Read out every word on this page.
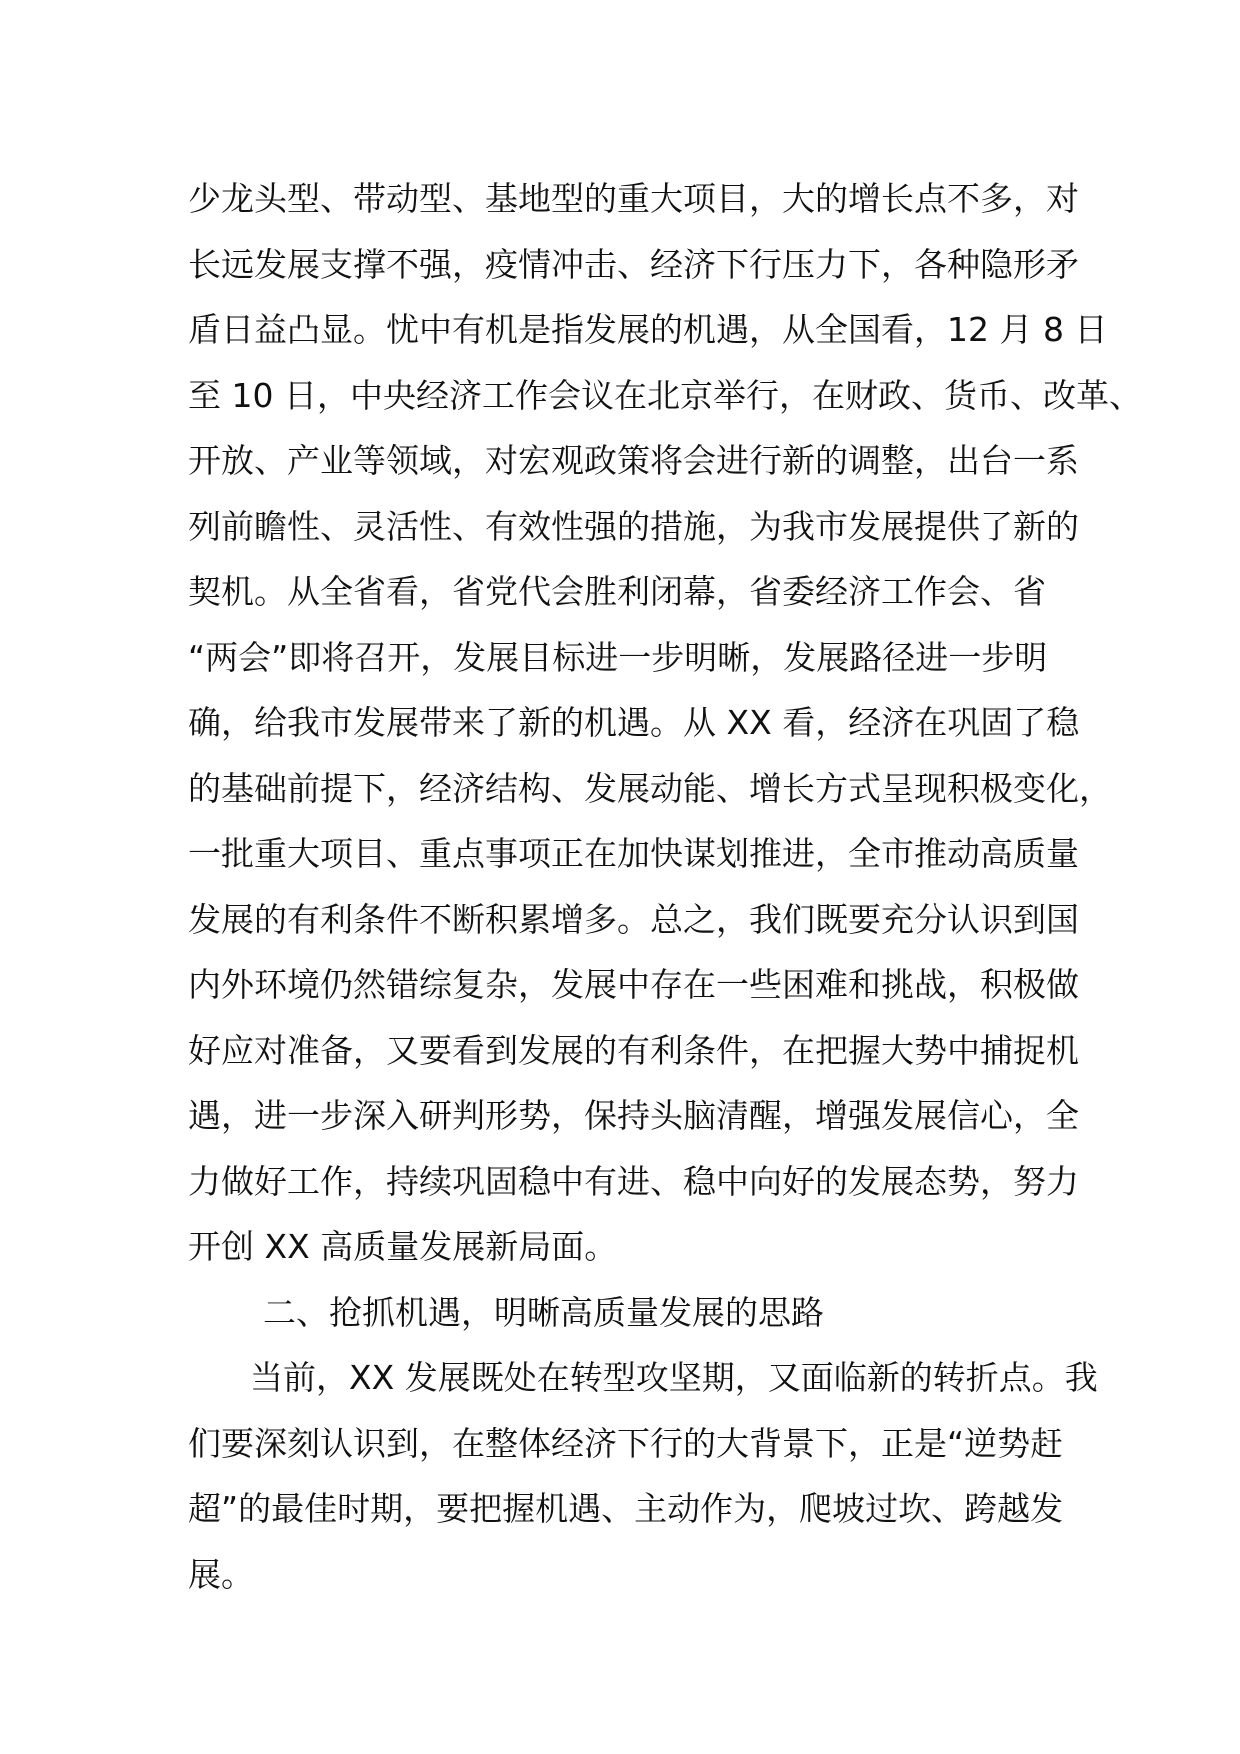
少龙头型、带动型、基地型的重大项目，大的增长点不多，对
长远发展支撑不强，疫情冲击、经济下行压力下，各种隐形矛
盾日益凸显。忧中有机是指发展的机遇，从全国看，12 月 8 日
至 10 日，中央经济工作会议在北京举行，在财政、货币、改革、
开放、产业等领域，对宏观政策将会进行新的调整，出台一系
列前瞻性、灵活性、有效性强的措施，为我市发展提供了新的
契机。从全省看，省党代会胜利闭幕，省委经济工作会、省
“两会”即将召开，发展目标进一步明晰，发展路径进一步明
确，给我市发展带来了新的机遇。从 XX 看，经济在巩固了稳
的基础前提下，经济结构、发展动能、增长方式呈现积极变化，
一批重大项目、重点事项正在加快谋划推进，全市推动高质量
发展的有利条件不断积累增多。总之，我们既要充分认识到国
内外环境仍然错综复杂，发展中存在一些困难和挑战，积极做
好应对准备，又要看到发展的有利条件，在把握大势中捕捉机
遇，进一步深入研判形势，保持头脑清醒，增强发展信心，全
力做好工作，持续巩固稳中有进、稳中向好的发展态势，努力
开创 XX 高质量发展新局面。
二、抢抓机遇，明晰高质量发展的思路
当前，XX 发展既处在转型攻坚期，又面临新的转折点。我
们要深刻认识到，在整体经济下行的大背景下，正是“逆势赶
超”的最佳时期，要把握机遇、主动作为，爬坡过坎、跨越发
展。
